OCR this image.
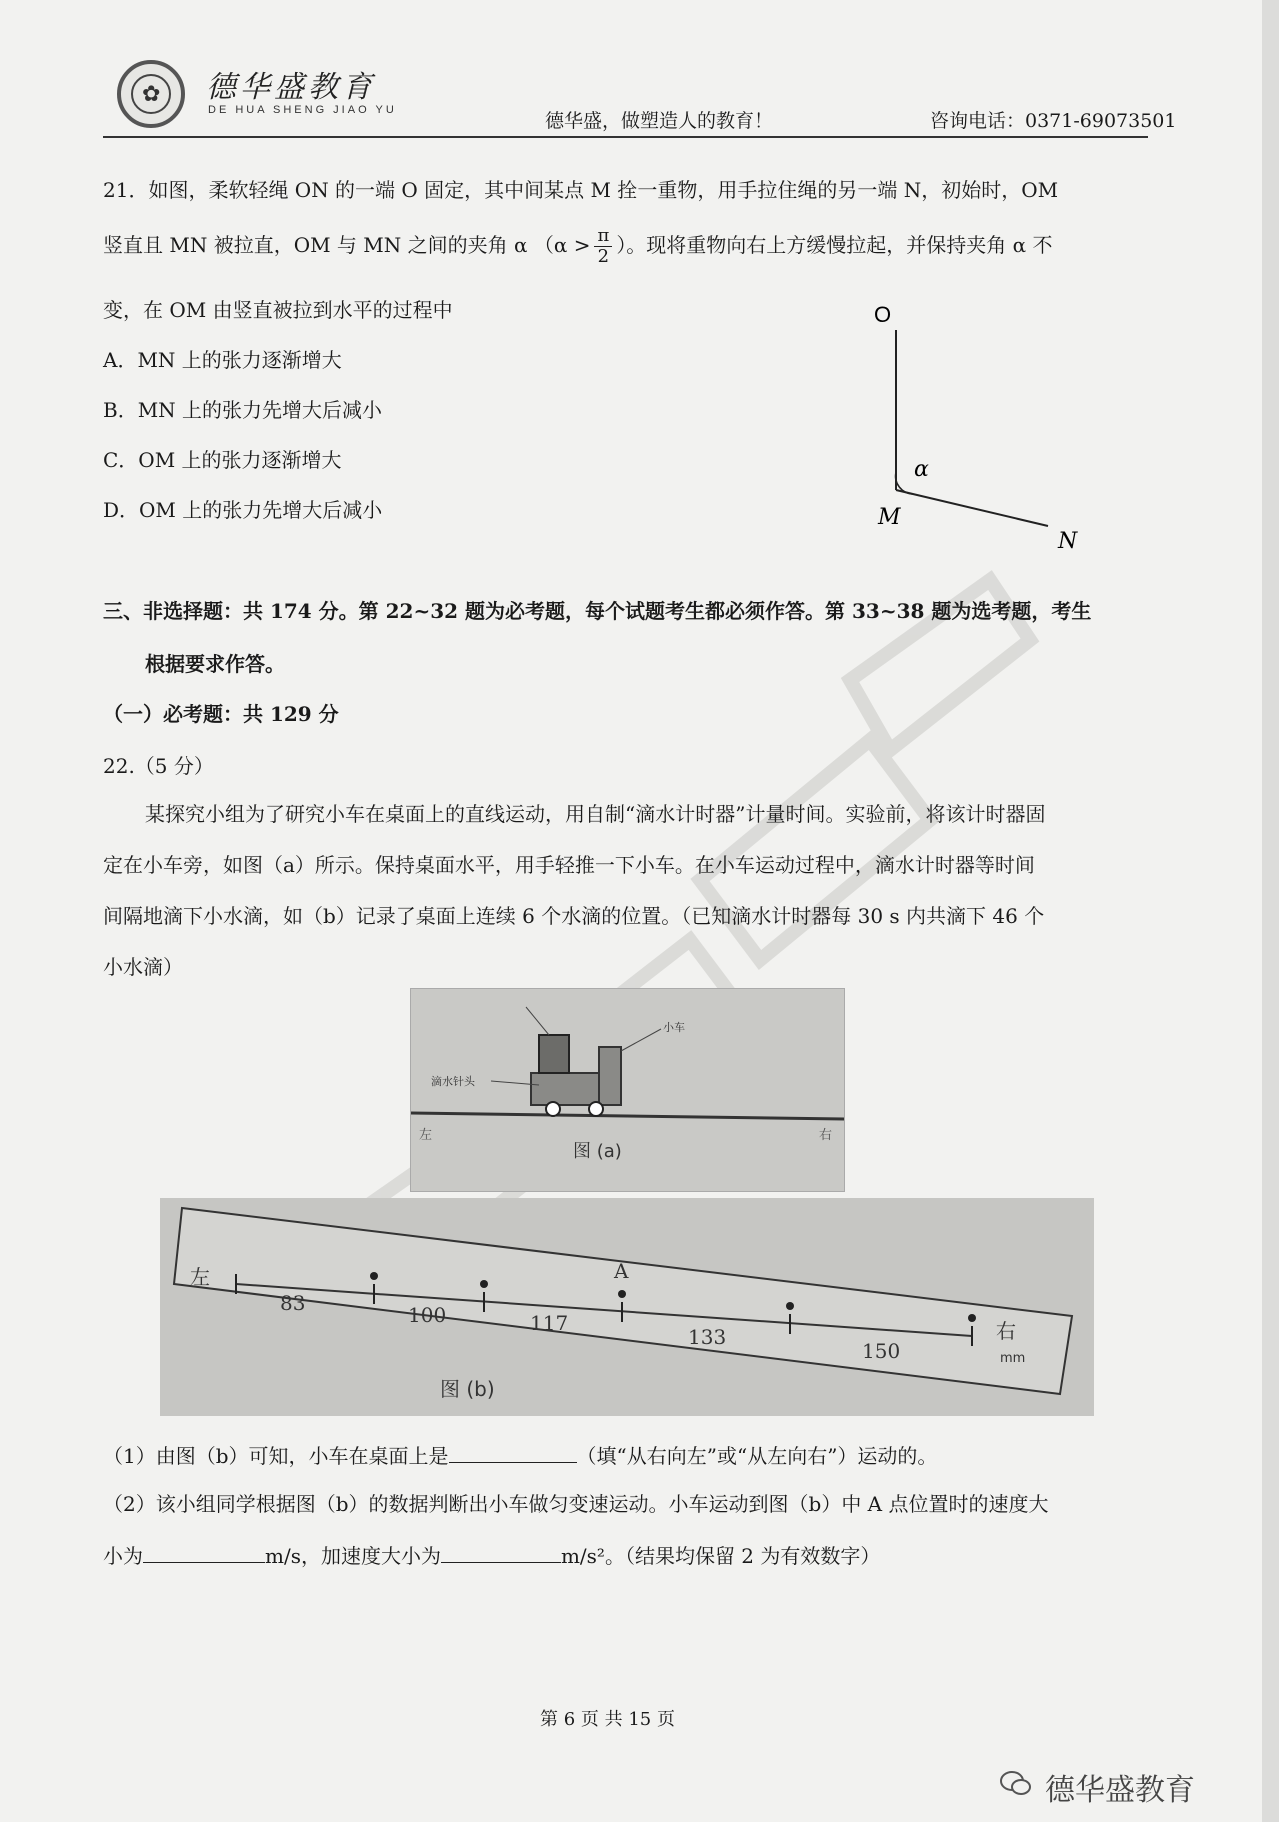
✿ 德华盛教育
DE HUA SHENG JIAO YU	德华盛，做塑造人的教育！	咨询电话：0371-69073501
21．如图，柔软轻绳 ON 的一端 O 固定，其中间某点 M 拴一重物，用手拉住绳的另一端 N，初始时，OM
竖直且 MN 被拉直，OM 与 MN 之间的夹角 α （$\alpha > \frac{\pi}{2}$ ）。现将重物向右上方缓慢拉起，并保持夹角 α 不
变，在 OM 由竖直被拉到水平的过程中
A．MN 上的张力逐渐增大
B．MN 上的张力先增大后减小
C．OM 上的张力逐渐增大
D．OM 上的张力先增大后减小
O
α
M
N
三、非选择题：共 174 分。第 22~32 题为必考题，每个试题考生都必须作答。第 33~38 题为选考题，考生
根据要求作答。
（一）必考题：共 129 分
22.（5 分）
某探究小组为了研究小车在桌面上的直线运动，用自制“滴水计时器”计量时间。实验前，将该计时器固
定在小车旁，如图（a）所示。保持桌面水平，用手轻推一下小车。在小车运动过程中，滴水计时器等时间
间隔地滴下小水滴，如（b）记录了桌面上连续 6 个水滴的位置。（已知滴水计时器每 30 s 内共滴下 46 个
小水滴）
小车
滴水针头
左	右
图 (a)
左
83	100	117
133
150
A
右
mm
图 (b)
（1）由图（b）可知，小车在桌面上是	（填“从右向左”或“从左向右”）运动的。
（2）该小组同学根据图（b）的数据判断出小车做匀变速运动。小车运动到图（b）中 A 点位置时的速度大
小为	m/s，加速度大小为	m/s²。（结果均保留 2 为有效数字）
第 6 页 共 15 页
德华盛教育
